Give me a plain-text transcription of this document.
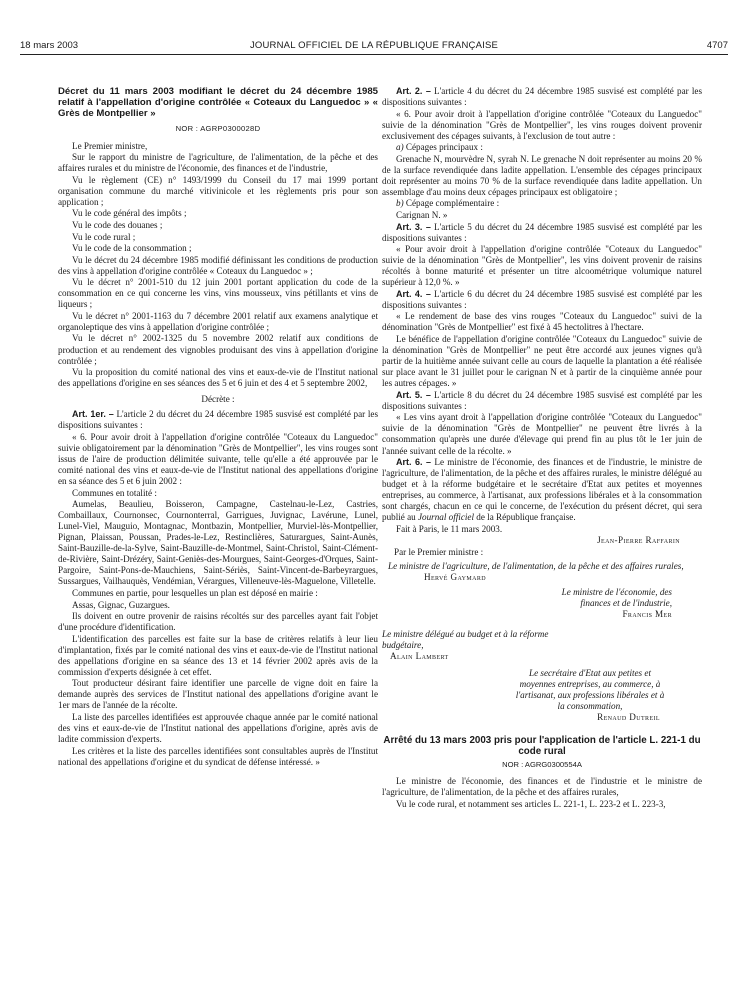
18 mars 2003	JOURNAL OFFICIEL DE LA RÉPUBLIQUE FRANÇAISE	4707
Décret du 11 mars 2003 modifiant le décret du 24 décembre 1985 relatif à l'appellation d'origine contrôlée « Coteaux du Languedoc » « Grès de Montpellier »
NOR : AGRP0300028D

Le Premier ministre,

Sur le rapport du ministre de l'agriculture, de l'alimentation, de la pêche et des affaires rurales et du ministre de l'économie, des finances et de l'industrie,

Vu le règlement (CE) n° 1493/1999 du Conseil du 17 mai 1999 portant organisation commune du marché vitivinicole et les règlements pris pour son application ;

Vu le code général des impôts ;

Vu le code des douanes ;

Vu le code rural ;

Vu le code de la consommation ;

Vu le décret du 24 décembre 1985 modifié définissant les conditions de production des vins à appellation d'origine contrôlée « Coteaux du Languedoc » ;

Vu le décret n° 2001-510 du 12 juin 2001 portant application du code de la consommation en ce qui concerne les vins, vins mousseux, vins pétillants et vins de liqueurs ;

Vu le décret n° 2001-1163 du 7 décembre 2001 relatif aux examens analytique et organoleptique des vins à appellation d'origine contrôlée ;

Vu le décret n° 2002-1325 du 5 novembre 2002 relatif aux conditions de production et au rendement des vignobles produisant des vins à appellation d'origine contrôlée ;

Vu la proposition du comité national des vins et eaux-de-vie de l'Institut national des appellations d'origine en ses séances des 5 et 6 juin et des 4 et 5 septembre 2002,

Décrète :

Art. 1er. – L'article 2 du décret du 24 décembre 1985 susvisé est complété par les dispositions suivantes :

« 6. Pour avoir droit à l'appellation d'origine contrôlée "Coteaux du Languedoc" suivie obligatoirement par la dénomination "Grès de Montpellier", les vins rouges sont issus de l'aire de production délimitée suivante, telle qu'elle a été approuvée par le comité national des vins et eaux-de-vie de l'Institut national des appellations d'origine en sa séance des 5 et 6 juin 2002 :

Communes en totalité :

Aumelas, Beaulieu, Boisseron, Campagne, Castelnau-le-Lez, Castries, Combaillaux, Cournonsec, Cournonterral, Garrigues, Juvignac, Lavérune, Lunel, Lunel-Viel, Mauguio, Montagnac, Montbazin, Montpellier, Murviel-lès-Montpellier, Pignan, Plaissan, Poussan, Prades-le-Lez, Restinclières, Saturargues, Saint-Aunès, Saint-Bauzille-de-la-Sylve, Saint-Bauzille-de-Montmel, Saint-Christol, Saint-Clément-de-Rivière, Saint-Drézéry, Saint-Geniès-des-Mourgues, Saint-Georges-d'Orques, Saint-Pargoire, Saint-Pons-de-Mauchiens, Saint-Sériès, Saint-Vincent-de-Barbeyrargues, Sussargues, Vailhauquès, Vendémian, Vérargues, Villeneuve-lès-Maguelone, Villetelle.

Communes en partie, pour lesquelles un plan est déposé en mairie :

Assas, Gignac, Guzargues.

Ils doivent en outre provenir de raisins récoltés sur des parcelles ayant fait l'objet d'une procédure d'identification.

L'identification des parcelles est faite sur la base de critères relatifs à leur lieu d'implantation, fixés par le comité national des vins et eaux-de-vie de l'Institut national des appellations d'origine en sa séance des 13 et 14 février 2002 après avis de la commission d'experts désignée à cet effet.

Tout producteur désirant faire identifier une parcelle de vigne doit en faire la demande auprès des services de l'Institut national des appellations d'origine avant le 1er mars de l'année de la récolte.

La liste des parcelles identifiées est approuvée chaque année par le comité national des vins et eaux-de-vie de l'Institut national des appellations d'origine, après avis de ladite commission d'experts.

Les critères et la liste des parcelles identifiées sont consultables auprès de l'Institut national des appellations d'origine et du syndicat de défense intéressé. »

Art. 2. – L'article 4 du décret du 24 décembre 1985 susvisé est complété par les dispositions suivantes :

« 6. Pour avoir droit à l'appellation d'origine contrôlée "Coteaux du Languedoc" suivie de la dénomination "Grès de Montpellier", les vins rouges doivent provenir exclusivement des cépages suivants, à l'exclusion de tout autre :

a) Cépages principaux :

Grenache N, mourvèdre N, syrah N. Le grenache N doit représenter au moins 20 % de la surface revendiquée dans ladite appellation. L'ensemble des cépages principaux doit représenter au moins 70 % de la surface revendiquée dans ladite appellation. Un assemblage d'au moins deux cépages principaux est obligatoire ;

b) Cépage complémentaire :

Carignan N. »

Art. 3. – L'article 5 du décret du 24 décembre 1985 susvisé est complété par les dispositions suivantes :

« Pour avoir droit à l'appellation d'origine contrôlée "Coteaux du Languedoc" suivie de la dénomination "Grès de Montpellier", les vins doivent provenir de raisins récoltés à bonne maturité et présenter un titre alcoométrique volumique naturel supérieur à 12,0 %. »

Art. 4. – L'article 6 du décret du 24 décembre 1985 susvisé est complété par les dispositions suivantes :

« Le rendement de base des vins rouges "Coteaux du Languedoc" suivi de la dénomination "Grès de Montpellier" est fixé à 45 hectolitres à l'hectare.

Le bénéfice de l'appellation d'origine contrôlée "Coteaux du Languedoc" suivie de la dénomination "Grès de Montpellier" ne peut être accordé aux jeunes vignes qu'à partir de la huitième année suivant celle au cours de laquelle la plantation a été réalisée sur place avant le 31 juillet pour le carignan N et à partir de la cinquième année pour les autres cépages. »

Art. 5. – L'article 8 du décret du 24 décembre 1985 susvisé est complété par les dispositions suivantes :

« Les vins ayant droit à l'appellation d'origine contrôlée "Coteaux du Languedoc" suivie de la dénomination "Grès de Montpellier" ne peuvent être livrés à la consommation qu'après une durée d'élevage qui prend fin au plus tôt le 1er juin de l'année suivant celle de la récolte. »

Art. 6. – Le ministre de l'économie, des finances et de l'industrie, le ministre de l'agriculture, de l'alimentation, de la pêche et des affaires rurales, le ministre délégué au budget et à la réforme budgétaire et le secrétaire d'Etat aux petites et moyennes entreprises, au commerce, à l'artisanat, aux professions libérales et à la consommation sont chargés, chacun en ce qui le concerne, de l'exécution du présent décret, qui sera publié au Journal officiel de la République française.

Fait à Paris, le 11 mars 2003.

Jean-Pierre Raffarin

Par le Premier ministre :

Le ministre de l'agriculture, de l'alimentation, de la pêche et des affaires rurales,
Hervé Gaymard
Le ministre de l'économie, des finances et de l'industrie,
Francis Mer
Le ministre délégué au budget et à la réforme budgétaire,
Alain Lambert
Le secrétaire d'Etat aux petites et moyennes entreprises, au commerce, à l'artisanat, aux professions libérales et à la consommation,
Renaud Dutreil
Arrêté du 13 mars 2003 pris pour l'application de l'article L. 221-1 du code rural
NOR : AGRG0300554A

Le ministre de l'économie, des finances et de l'industrie et le ministre de l'agriculture, de l'alimentation, de la pêche et des affaires rurales,

Vu le code rural, et notamment ses articles L. 221-1, L. 223-2 et L. 223-3,
